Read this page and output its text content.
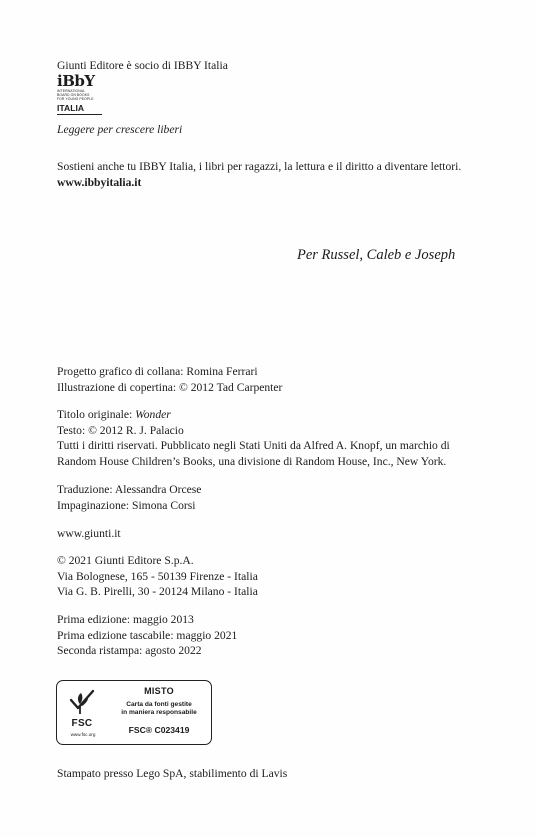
Giunti Editore è socio di IBBY Italia
iBbY
INTERNATIONAL
BOARD ON BOOKS
FOR YOUNG PEOPLE
ITALIA
Leggere per crescere liberi
Sostieni anche tu IBBY Italia, i libri per ragazzi, la lettura e il diritto a diventare lettori.
www.ibbyitalia.it
Per Russel, Caleb e Joseph
Progetto grafico di collana: Romina Ferrari
Illustrazione di copertina: © 2012 Tad Carpenter
Titolo originale: Wonder
Testo: © 2012 R. J. Palacio
Tutti i diritti riservati. Pubblicato negli Stati Uniti da Alfred A. Knopf, un marchio di
Random House Children’s Books, una divisione di Random House, Inc., New York.
Traduzione: Alessandra Orcese
Impaginazione: Simona Corsi
www.giunti.it
© 2021 Giunti Editore S.p.A.
Via Bolognese, 165 - 50139 Firenze - Italia
Via G. B. Pirelli, 30 - 20124 Milano - Italia
Prima edizione: maggio 2013
Prima edizione tascabile: maggio 2021
Seconda ristampa: agosto 2022
FSC
www.fsc.org
MISTO
Carta da fonti gestite
in maniera responsabile
FSC® C023419
Stampato presso Lego SpA, stabilimento di Lavis
